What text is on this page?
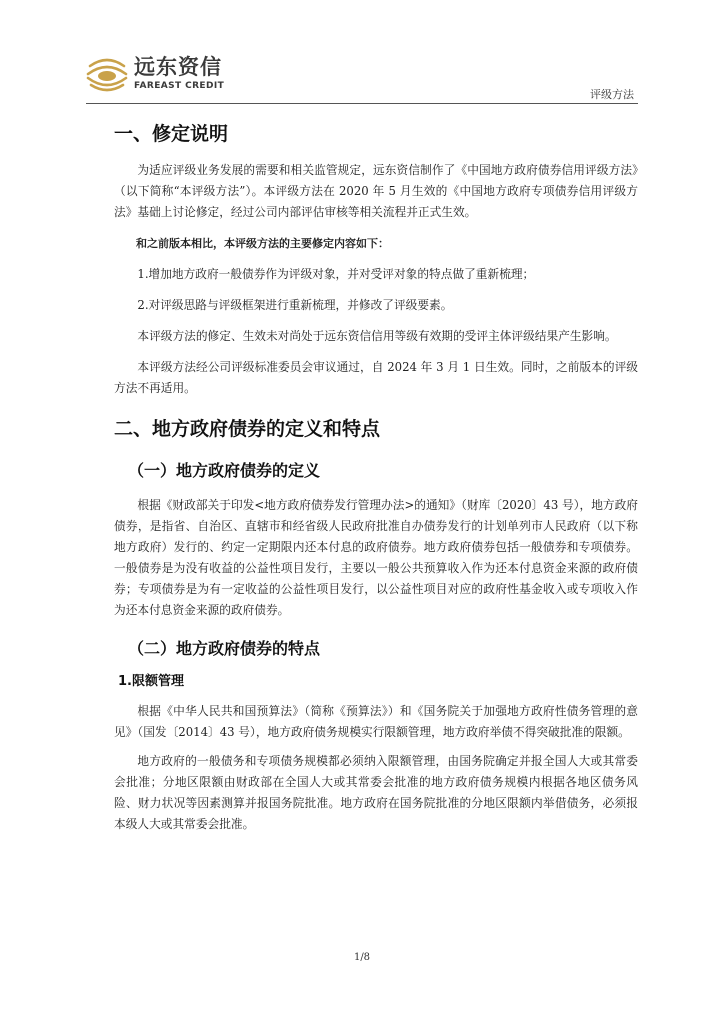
远东资信
FAREAST CREDIT
评级方法
一、修定说明

为适应评级业务发展的需要和相关监管规定，远东资信制作了《中国地方政府债券信用评级方法》（以下简称“本评级方法”）。本评级方法在 2020 年 5 月生效的《中国地方政府专项债券信用评级方法》基础上讨论修定，经过公司内部评估审核等相关流程并正式生效。

和之前版本相比，本评级方法的主要修定内容如下：

1.增加地方政府一般债券作为评级对象，并对受评对象的特点做了重新梳理；

2.对评级思路与评级框架进行重新梳理，并修改了评级要素。

本评级方法的修定、生效未对尚处于远东资信信用等级有效期的受评主体评级结果产生影响。

本评级方法经公司评级标准委员会审议通过，自 2024 年 3 月 1 日生效。同时，之前版本的评级方法不再适用。

二、地方政府债券的定义和特点
（一）地方政府债券的定义

根据《财政部关于印发<地方政府债券发行管理办法>的通知》（财库〔2020〕43 号），地方政府债券，是指省、自治区、直辖市和经省级人民政府批准自办债券发行的计划单列市人民政府（以下称地方政府）发行的、约定一定期限内还本付息的政府债券。地方政府债券包括一般债券和专项债券。一般债券是为没有收益的公益性项目发行，主要以一般公共预算收入作为还本付息资金来源的政府债券；专项债券是为有一定收益的公益性项目发行，以公益性项目对应的政府性基金收入或专项收入作为还本付息资金来源的政府债券。

（二）地方政府债券的特点
1.限额管理

根据《中华人民共和国预算法》（简称《预算法》）和《国务院关于加强地方政府性债务管理的意见》（国发〔2014〕43 号），地方政府债务规模实行限额管理，地方政府举债不得突破批准的限额。

地方政府的一般债务和专项债务规模都必须纳入限额管理，由国务院确定并报全国人大或其常委会批准；分地区限额由财政部在全国人大或其常委会批准的地方政府债务规模内根据各地区债务风险、财力状况等因素测算并报国务院批准。地方政府在国务院批准的分地区限额内举借债务，必须报本级人大或其常委会批准。

1/8
